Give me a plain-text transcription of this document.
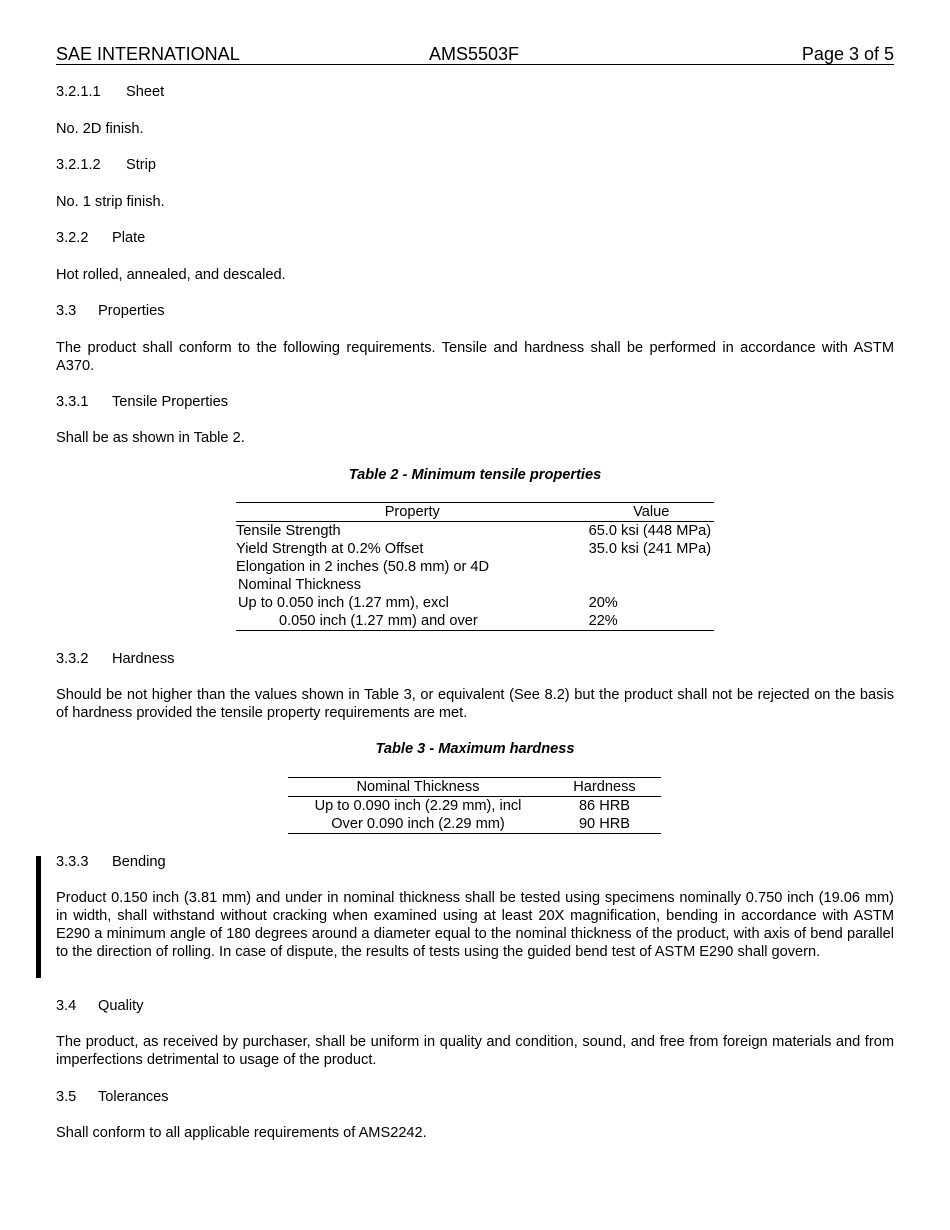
SAE INTERNATIONAL	AMS5503F	Page 3 of 5
3.2.1.1 Sheet
No. 2D finish.
3.2.1.2 Strip
No. 1 strip finish.
3.2.2 Plate
Hot rolled, annealed, and descaled.
3.3 Properties
The product shall conform to the following requirements. Tensile and hardness shall be performed in accordance with ASTM A370.
3.3.1 Tensile Properties
Shall be as shown in Table 2.
Table 2 - Minimum tensile properties
Property	Value
Tensile Strength	65.0 ksi (448 MPa)
Yield Strength at 0.2% Offset	35.0 ksi (241 MPa)
Elongation in 2 inches (50.8 mm) or 4D	
Nominal Thickness	
Up to 0.050 inch (1.27 mm), excl	20%
0.050 inch (1.27 mm) and over	22%
3.3.2 Hardness
Should be not higher than the values shown in Table 3, or equivalent (See 8.2) but the product shall not be rejected on the basis of hardness provided the tensile property requirements are met.
Table 3 - Maximum hardness
Nominal Thickness	Hardness
Up to 0.090 inch (2.29 mm), incl	86 HRB
Over 0.090 inch (2.29 mm)	90 HRB
3.3.3 Bending
Product 0.150 inch (3.81 mm) and under in nominal thickness shall be tested using specimens nominally 0.750 inch (19.06 mm) in width, shall withstand without cracking when examined using at least 20X magnification, bending in accordance with ASTM E290 a minimum angle of 180 degrees around a diameter equal to the nominal thickness of the product, with axis of bend parallel to the direction of rolling. In case of dispute, the results of tests using the guided bend test of ASTM E290 shall govern.
3.4 Quality
The product, as received by purchaser, shall be uniform in quality and condition, sound, and free from foreign materials and from imperfections detrimental to usage of the product.
3.5 Tolerances
Shall conform to all applicable requirements of AMS2242.
